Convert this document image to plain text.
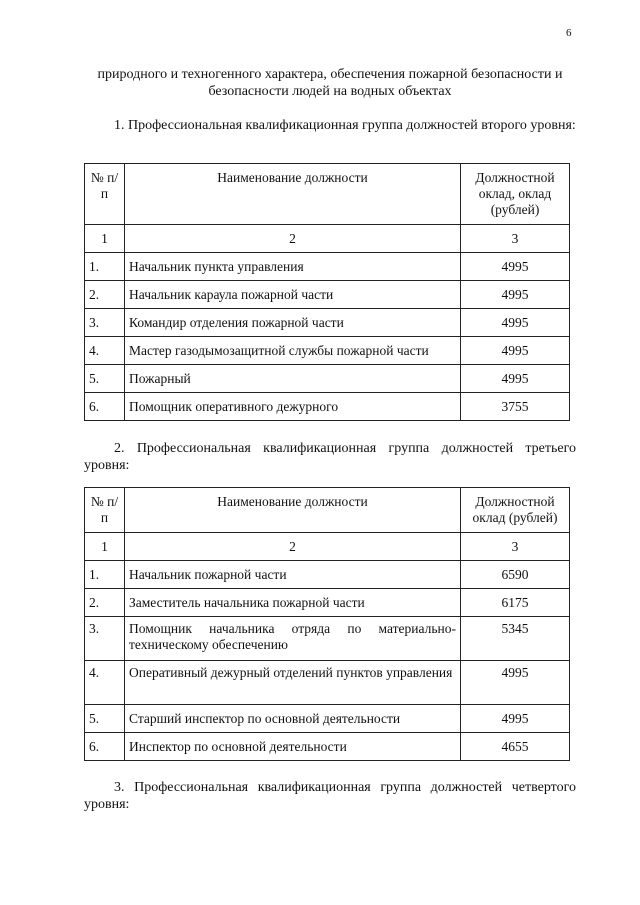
6
природного и техногенного характера, обеспечения пожарной безопасности и безопасности людей на водных объектах
1. Профессиональная квалификационная группа должностей второго уровня:
№ п/п	Наименование должности	Должностной оклад, оклад (рублей)
1	2	3
1.	Начальник пункта управления	4995
2.	Начальник караула пожарной части	4995
3.	Командир отделения пожарной части	4995
4.	Мастер газодымозащитной службы пожарной части	4995
5.	Пожарный	4995
6.	Помощник оперативного дежурного	3755
2. Профессиональная квалификационная группа должностей третьего уровня:
№ п/п	Наименование должности	Должностной оклад (рублей)
1	2	3
1.	Начальник пожарной части	6590
2.	Заместитель начальника пожарной части	6175
3.	Помощник начальника отряда по материально-техническому обеспечению	5345
4.	Оперативный дежурный отделений пунктов управления	4995
5.	Старший инспектор по основной деятельности	4995
6.	Инспектор по основной деятельности	4655
3. Профессиональная квалификационная группа должностей четвертого уровня:
